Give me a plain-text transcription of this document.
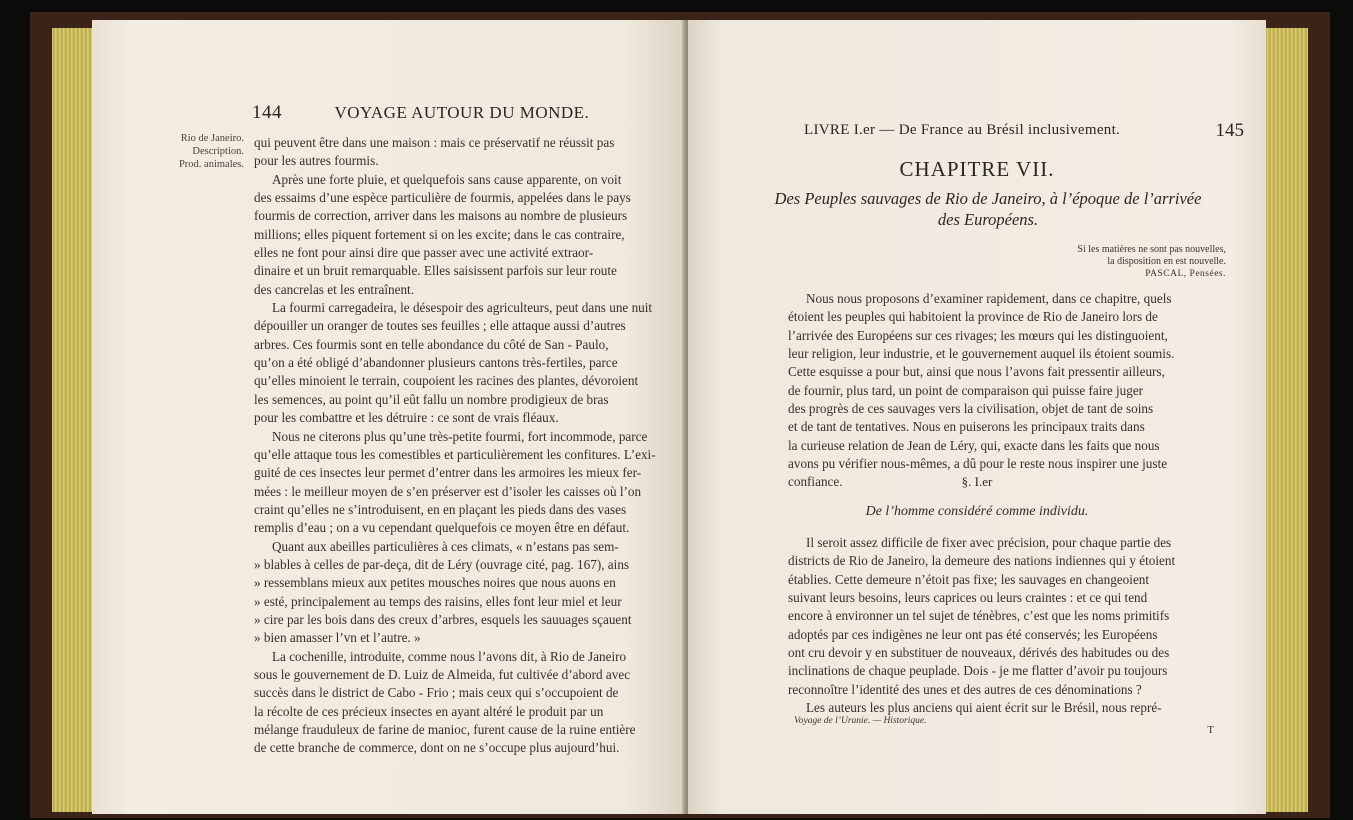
144	VOYAGE AUTOUR DU MONDE.
Rio de Janeiro.
Description.
Prod. animales.
qui peuvent être dans une maison : mais ce préservatif ne réussit pas
pour les autres fourmis.
Après une forte pluie, et quelquefois sans cause apparente, on voit
des essaims d’une espèce particulière de fourmis, appelées dans le pays
fourmis de correction, arriver dans les maisons au nombre de plusieurs
millions; elles piquent fortement si on les excite; dans le cas contraire,
elles ne font pour ainsi dire que passer avec une activité extraor-
dinaire et un bruit remarquable. Elles saisissent parfois sur leur route
des cancrelas et les entraînent.
La fourmi carregadeira, le désespoir des agriculteurs, peut dans une nuit
dépouiller un oranger de toutes ses feuilles ; elle attaque aussi d’autres
arbres. Ces fourmis sont en telle abondance du côté de San - Paulo,
qu’on a été obligé d’abandonner plusieurs cantons très-fertiles, parce
qu’elles minoient le terrain, coupoient les racines des plantes, dévoroient
les semences, au point qu’il eût fallu un nombre prodigieux de bras
pour les combattre et les détruire : ce sont de vrais fléaux.
Nous ne citerons plus qu’une très-petite fourmi, fort incommode, parce
qu’elle attaque tous les comestibles et particulièrement les confitures. L’exi-
guité de ces insectes leur permet d’entrer dans les armoires les mieux fer-
mées : le meilleur moyen de s’en préserver est d’isoler les caisses où l’on
craint qu’elles ne s’introduisent, en en plaçant les pieds dans des vases
remplis d’eau ; on a vu cependant quelquefois ce moyen être en défaut.
Quant aux abeilles particulières à ces climats, « n’estans pas sem-
» blables à celles de par-deça, dit de Léry (ouvrage cité, pag. 167), ains
» ressemblans mieux aux petites mousches noires que nous auons en
» esté, principalement au temps des raisins, elles font leur miel et leur
» cire par les bois dans des creux d’arbres, esquels les sauuages sçauent
» bien amasser l’vn et l’autre. »
La cochenille, introduite, comme nous l’avons dit, à Rio de Janeiro
sous le gouvernement de D. Luiz de Almeida, fut cultivée d’abord avec
succès dans le district de Cabo - Frio ; mais ceux qui s’occupoient de
la récolte de ces précieux insectes en ayant altéré le produit par un
mélange frauduleux de farine de manioc, furent cause de la ruine entière
de cette branche de commerce, dont on ne s’occupe plus aujourd’hui.
LIVRE I.er — De France au Brésil inclusivement.	145
CHAPITRE VII.
Des Peuples sauvages de Rio de Janeiro, à l’époque de l’arrivée
des Européens.
Si les matières ne sont pas nouvelles,
la disposition en est nouvelle.
PASCAL, Pensées.
Nous nous proposons d’examiner rapidement, dans ce chapitre, quels
étoient les peuples qui habitoient la province de Rio de Janeiro lors de
l’arrivée des Européens sur ces rivages; les mœurs qui les distinguoient,
leur religion, leur industrie, et le gouvernement auquel ils étoient soumis.
Cette esquisse a pour but, ainsi que nous l’avons fait pressentir ailleurs,
de fournir, plus tard, un point de comparaison qui puisse faire juger
des progrès de ces sauvages vers la civilisation, objet de tant de soins
et de tant de tentatives. Nous en puiserons les principaux traits dans
la curieuse relation de Jean de Léry, qui, exacte dans les faits que nous
avons pu vérifier nous-mêmes, a dû pour le reste nous inspirer une juste
confiance.	§. I.er
De l’homme considéré comme individu.
Il seroit assez difficile de fixer avec précision, pour chaque partie des
districts de Rio de Janeiro, la demeure des nations indiennes qui y étoient
établies. Cette demeure n’étoit pas fixe; les sauvages en changeoient
suivant leurs besoins, leurs caprices ou leurs craintes : et ce qui tend
encore à environner un tel sujet de ténèbres, c’est que les noms primitifs
adoptés par ces indigènes ne leur ont pas été conservés; les Européens
ont cru devoir y en substituer de nouveaux, dérivés des habitudes ou des
inclinations de chaque peuplade. Dois - je me flatter d’avoir pu toujours
reconnoître l’identité des unes et des autres de ces dénominations ?
Les auteurs les plus anciens qui aient écrit sur le Brésil, nous repré-
Voyage de l’Uranie. — Historique.
T
